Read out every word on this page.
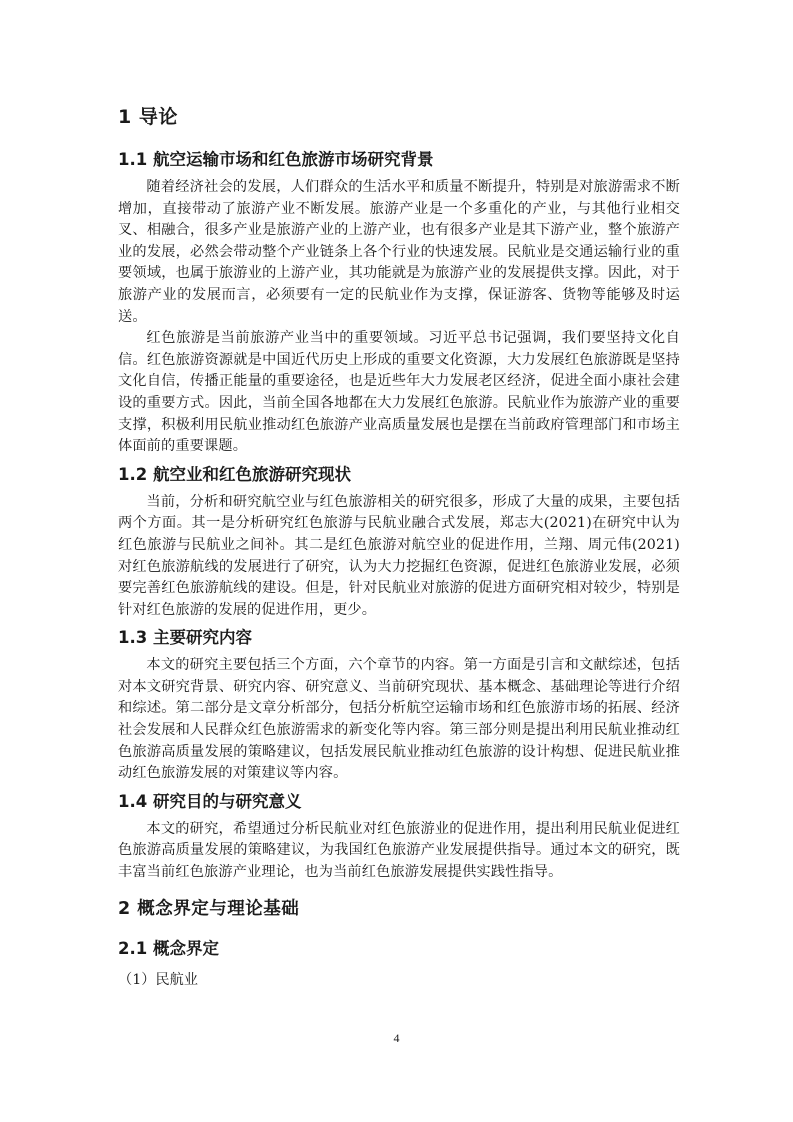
1 导论
1.1 航空运输市场和红色旅游市场研究背景

随着经济社会的发展，人们群众的生活水平和质量不断提升，特别是对旅游需求不断增加，直接带动了旅游产业不断发展。旅游产业是一个多重化的产业，与其他行业相交叉、相融合，很多产业是旅游产业的上游产业，也有很多产业是其下游产业，整个旅游产业的发展，必然会带动整个产业链条上各个行业的快速发展。民航业是交通运输行业的重要领域，也属于旅游业的上游产业，其功能就是为旅游产业的发展提供支撑。因此，对于旅游产业的发展而言，必须要有一定的民航业作为支撑，保证游客、货物等能够及时运送。

红色旅游是当前旅游产业当中的重要领域。习近平总书记强调，我们要坚持文化自信。红色旅游资源就是中国近代历史上形成的重要文化资源，大力发展红色旅游既是坚持文化自信，传播正能量的重要途径，也是近些年大力发展老区经济，促进全面小康社会建设的重要方式。因此，当前全国各地都在大力发展红色旅游。民航业作为旅游产业的重要支撑，积极利用民航业推动红色旅游产业高质量发展也是摆在当前政府管理部门和市场主体面前的重要课题。

1.2 航空业和红色旅游研究现状

当前，分析和研究航空业与红色旅游相关的研究很多，形成了大量的成果，主要包括两个方面。其一是分析研究红色旅游与民航业融合式发展，郑志大(2021)在研究中认为红色旅游与民航业之间补。其二是红色旅游对航空业的促进作用，兰翔、周元伟(2021)对红色旅游航线的发展进行了研究，认为大力挖掘红色资源，促进红色旅游业发展，必须要完善红色旅游航线的建设。但是，针对民航业对旅游的促进方面研究相对较少，特别是针对红色旅游的发展的促进作用，更少。

1.3 主要研究内容

本文的研究主要包括三个方面，六个章节的内容。第一方面是引言和文献综述，包括对本文研究背景、研究内容、研究意义、当前研究现状、基本概念、基础理论等进行介绍和综述。第二部分是文章分析部分，包括分析航空运输市场和红色旅游市场的拓展、经济社会发展和人民群众红色旅游需求的新变化等内容。第三部分则是提出利用民航业推动红色旅游高质量发展的策略建议，包括发展民航业推动红色旅游的设计构想、促进民航业推动红色旅游发展的对策建议等内容。

1.4 研究目的与研究意义

本文的研究，希望通过分析民航业对红色旅游业的促进作用，提出利用民航业促进红色旅游高质量发展的策略建议，为我国红色旅游产业发展提供指导。通过本文的研究，既丰富当前红色旅游产业理论，也为当前红色旅游发展提供实践性指导。

2 概念界定与理论基础
2.1 概念界定

（1）民航业

4
